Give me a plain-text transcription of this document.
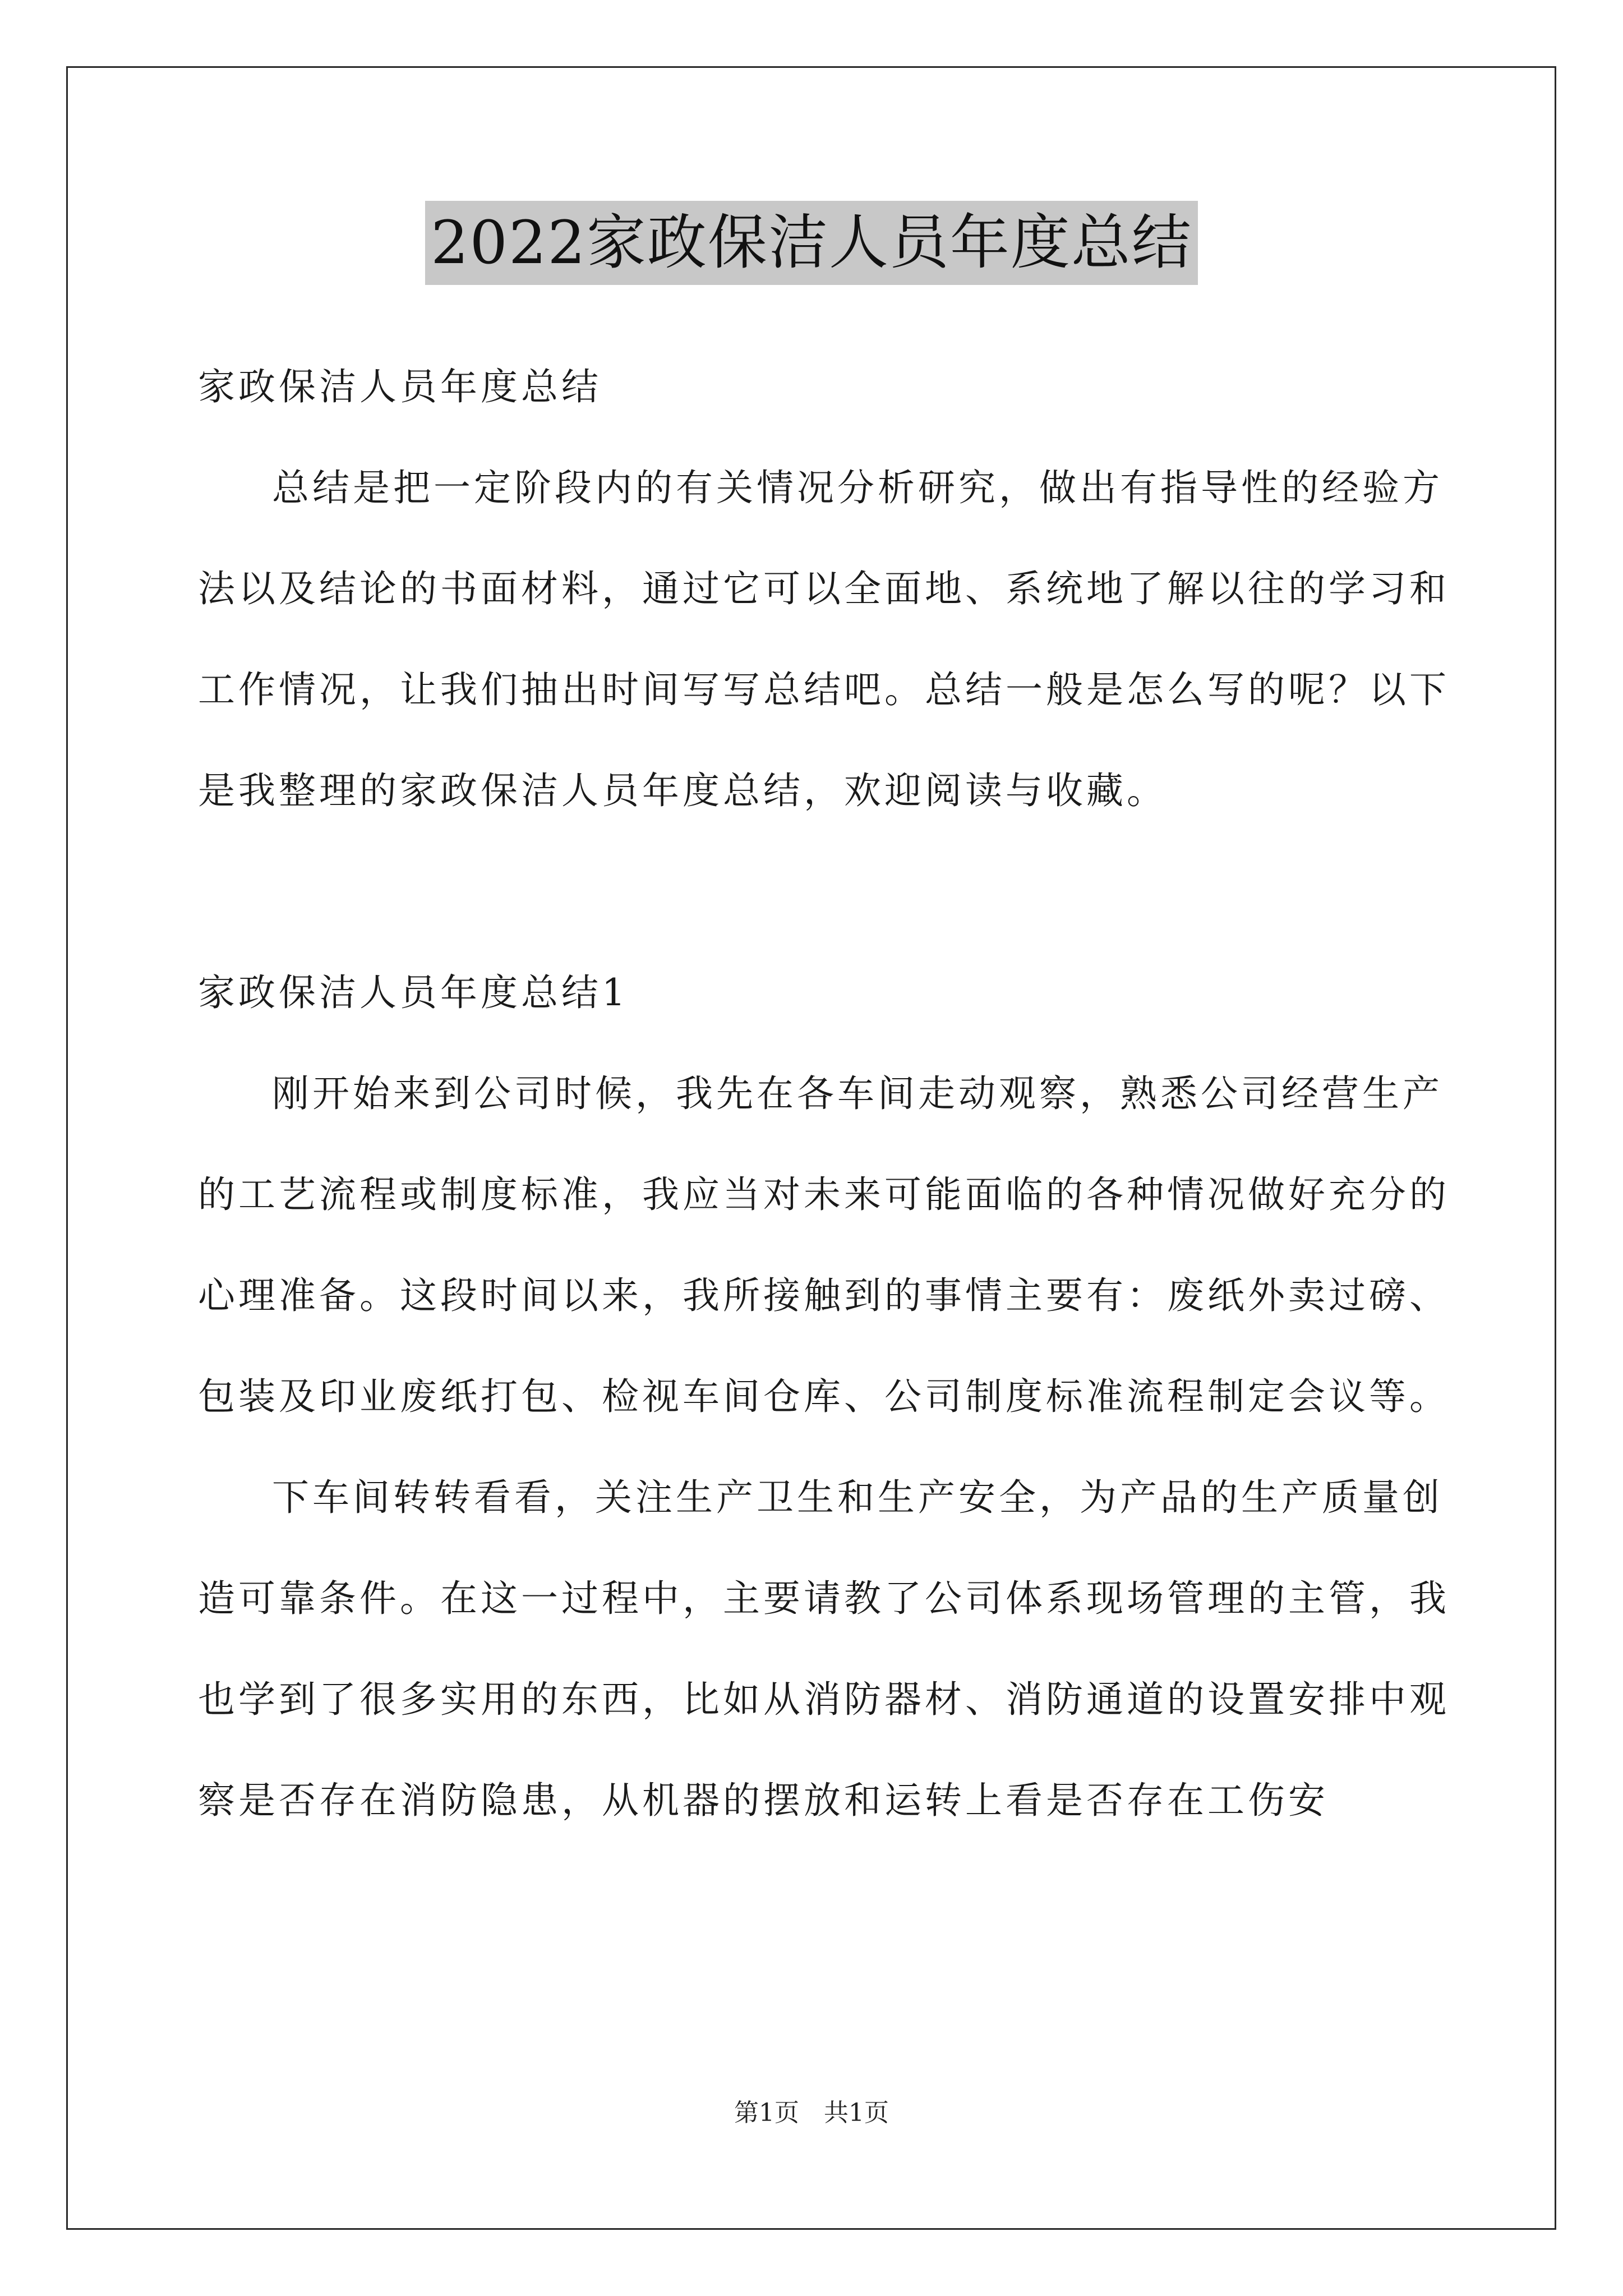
2022家政保洁人员年度总结

家政保洁人员年度总结

总结是把一定阶段内的有关情况分析研究，做出有指导性的经验方法以及结论的书面材料，通过它可以全面地、系统地了解以往的学习和工作情况，让我们抽出时间写写总结吧。总结一般是怎么写的呢？以下是我整理的家政保洁人员年度总结，欢迎阅读与收藏。

家政保洁人员年度总结1

刚开始来到公司时候，我先在各车间走动观察，熟悉公司经营生产的工艺流程或制度标准，我应当对未来可能面临的各种情况做好充分的心理准备。这段时间以来，我所接触到的事情主要有：废纸外卖过磅、包装及印业废纸打包、检视车间仓库、公司制度标准流程制定会议等。

下车间转转看看，关注生产卫生和生产安全，为产品的生产质量创造可靠条件。在这一过程中，主要请教了公司体系现场管理的主管，我也学到了很多实用的东西，比如从消防器材、消防通道的设置安排中观察是否存在消防隐患，从机器的摆放和运转上看是否存在工伤安

第1页 共1页
